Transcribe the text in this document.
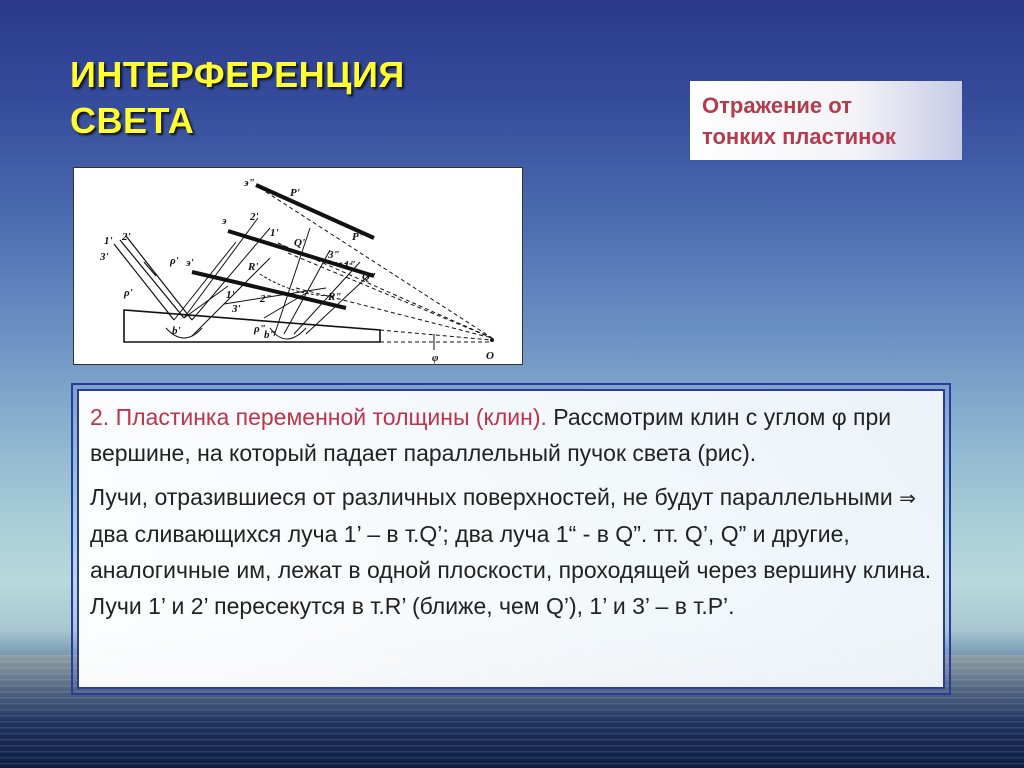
ИНТЕРФЕРЕНЦИЯ
СВЕТА	Отражение от
тонких пластинок
э"
P'
э 2'
1'
Q'	P"
3"
1"
Q"
1' 2'
3'	ρ' э'	R'
ρ'	1' 2"
3'
R"
b'	ρ"
b"
φ	O

2. Пластинка переменной толщины (клин). Рассмотрим клин с углом φ при вершине, на который падает параллельный пучок света (рис).

Лучи, отразившиеся от различных поверхностей, не будут параллельными ⇒ два сливающихся луча 1’ – в т.Q’; два луча 1“ - в Q”. тт. Q’, Q” и другие, аналогичные им, лежат в одной плоскости, проходящей через вершину клина. Лучи 1’ и 2’ пересекутся в т.R’ (ближе, чем Q’), 1’ и 3’ – в т.P’.
